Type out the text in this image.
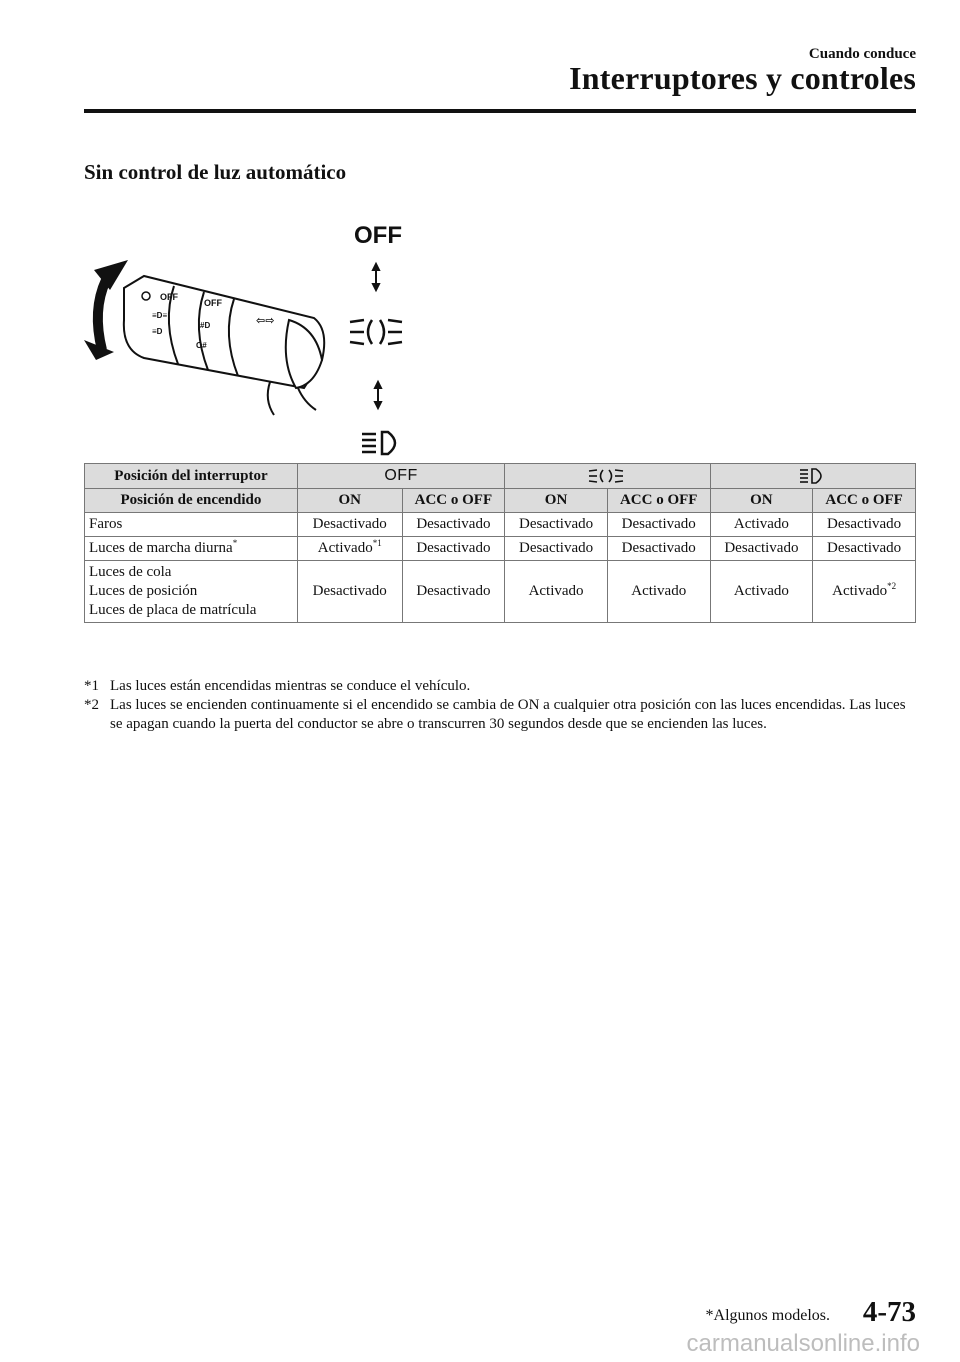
Cuando conduce
Interruptores y controles
Sin control de luz automático
OFF
OFF
≡D≡
≡D
#D
O#
⇦⇨
OFF
Posición del interruptor	OFF		
Posición de encendido	ON	ACC o OFF	ON	ACC o OFF	ON	ACC o OFF
Faros	Desactivado	Desactivado	Desactivado	Desactivado	Activado	Desactivado
Luces de marcha diurna*	Activado$^{*1}$	Desactivado	Desactivado	Desactivado	Desactivado	Desactivado

Luces de cola
Luces de posición
Luces de placa de matrícula	Desactivado	Desactivado	Activado	Activado	Activado	Activado$^{*2}$
*1 Las luces están encendidas mientras se conduce el vehículo.
*2 Las luces se encienden continuamente si el encendido se cambia de ON a cualquier otra posición con las luces encendidas. Las luces se apagan cuando la puerta del conductor se abre o transcurren 30 segundos desde que se encienden las luces.
*Algunos modelos. 4-73
carmanualsonline.info
